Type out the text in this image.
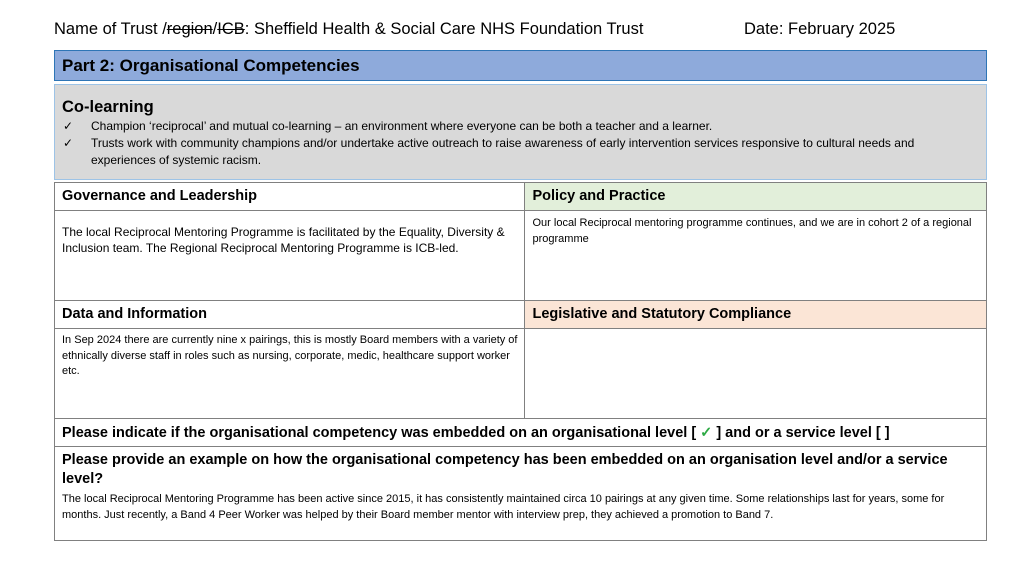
Name of Trust /region/ICB: Sheffield Health & Social Care NHS Foundation Trust	Date: February 2025
Part 2: Organisational Competencies
Co-learning
✓ Champion ‘reciprocal’ and mutual co-learning – an environment where everyone can be both a teacher and a learner.
✓ Trusts work with community champions and/or undertake active outreach to raise awareness of early intervention services responsive to cultural needs and experiences of systemic racism.
Governance and Leadership	Policy and Practice
The local Reciprocal Mentoring Programme is facilitated by the Equality, Diversity & Inclusion team. The Regional Reciprocal Mentoring Programme is ICB-led.	Our local Reciprocal mentoring programme continues, and we are in cohort 2 of a regional programme
Data and Information	Legislative and Statutory Compliance
In Sep 2024 there are currently nine x pairings, this is mostly Board members with a variety of ethnically diverse staff in roles such as nursing, corporate, medic, healthcare support worker etc.	
Please indicate if the organisational competency was embedded on an organisational level [ ✓ ] and or a service level [ ]	

Please provide an example on how the organisational competency has been embedded on an organisation level and/or a service level?
The local Reciprocal Mentoring Programme has been active since 2015, it has consistently maintained circa 10 pairings at any given time. Some relationships last for years, some for months. Just recently, a Band 4 Peer Worker was helped by their Board member mentor with interview prep, they achieved a promotion to Band 7.	
